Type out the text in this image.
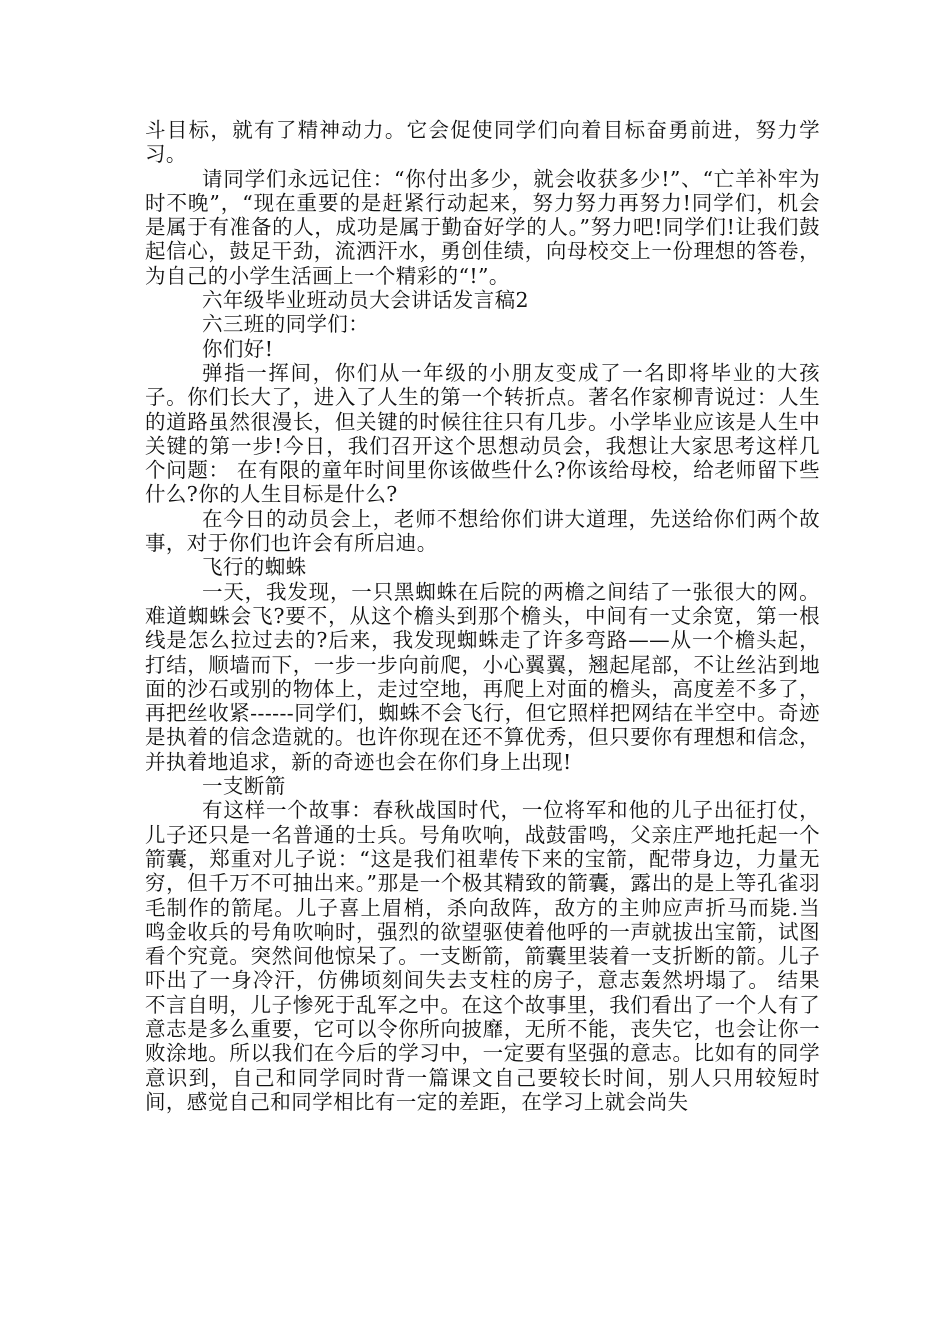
斗目标，就有了精神动力。它会促使同学们向着目标奋勇前进，努力学习。

请同学们永远记住：“你付出多少，就会收获多少!”、“亡羊补牢为时不晚”，“现在重要的是赶紧行动起来，努力努力再努力!同学们，机会是属于有准备的人，成功是属于勤奋好学的人。”努力吧!同学们!让我们鼓起信心，鼓足干劲，流洒汗水，勇创佳绩，向母校交上一份理想的答卷，为自己的小学生活画上一个精彩的“!”。

六年级毕业班动员大会讲话发言稿2

六三班的同学们：

你们好!

弹指一挥间，你们从一年级的小朋友变成了一名即将毕业的大孩子。你们长大了，进入了人生的第一个转折点。著名作家柳青说过：人生的道路虽然很漫长，但关键的时候往往只有几步。小学毕业应该是人生中关键的第一步!今日，我们召开这个思想动员会，我想让大家思考这样几个问题： 在有限的童年时间里你该做些什么?你该给母校，给老师留下些什么?你的人生目标是什么?

在今日的动员会上，老师不想给你们讲大道理，先送给你们两个故事，对于你们也许会有所启迪。

飞行的蜘蛛

一天，我发现，一只黑蜘蛛在后院的两檐之间结了一张很大的网。难道蜘蛛会飞?要不，从这个檐头到那个檐头，中间有一丈余宽，第一根线是怎么拉过去的?后来，我发现蜘蛛走了许多弯路——从一个檐头起，打结，顺墙而下，一步一步向前爬，小心翼翼，翘起尾部，不让丝沾到地面的沙石或别的物体上，走过空地，再爬上对面的檐头，高度差不多了，再把丝收紧------同学们，蜘蛛不会飞行，但它照样把网结在半空中。奇迹是执着的信念造就的。也许你现在还不算优秀，但只要你有理想和信念，并执着地追求，新的奇迹也会在你们身上出现!

一支断箭

有这样一个故事：春秋战国时代，一位将军和他的儿子出征打仗，儿子还只是一名普通的士兵。号角吹响，战鼓雷鸣，父亲庄严地托起一个箭囊，郑重对儿子说：“这是我们祖辈传下来的宝箭，配带身边，力量无穷，但千万不可抽出来。”那是一个极其精致的箭囊，露出的是上等孔雀羽毛制作的箭尾。儿子喜上眉梢，杀向敌阵，敌方的主帅应声折马而毙.当鸣金收兵的号角吹响时，强烈的欲望驱使着他呼的一声就拔出宝箭，试图看个究竟。突然间他惊呆了。一支断箭，箭囊里装着一支折断的箭。儿子吓出了一身冷汗，仿佛顷刻间失去支柱的房子，意志轰然坍塌了。 结果不言自明，儿子惨死于乱军之中。在这个故事里，我们看出了一个人有了意志是多么重要，它可以令你所向披靡，无所不能，丧失它，也会让你一败涂地。所以我们在今后的学习中，一定要有坚强的意志。比如有的同学意识到，自己和同学同时背一篇课文自己要较长时间，别人只用较短时间，感觉自己和同学相比有一定的差距，在学习上就会尚失
